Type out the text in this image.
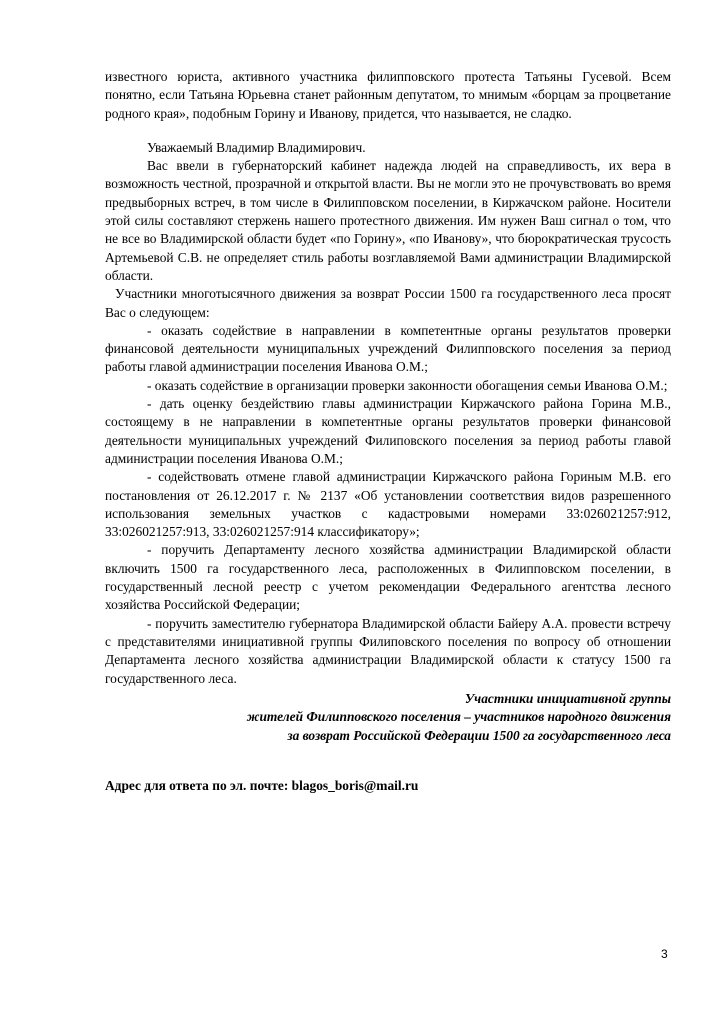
известного юриста, активного участника филипповского протеста Татьяны Гусевой. Всем понятно, если Татьяна Юрьевна станет районным депутатом, то мнимым «борцам за процветание родного края», подобным Горину и Иванову, придется, что называется, не сладко.

Уважаемый Владимир Владимирович.

Вас ввели в губернаторский кабинет надежда людей на справедливость, их вера в возможность честной, прозрачной и открытой власти. Вы не могли это не прочувствовать во время предвыборных встреч, в том числе в Филипповском поселении, в Киржачском районе. Носители этой силы составляют стержень нашего протестного движения. Им нужен Ваш сигнал о том, что не все во Владимирской области будет «по Горину», «по Иванову», что бюрократическая трусость Артемьевой С.В. не определяет стиль работы возглавляемой Вами администрации Владимирской области.

Участники многотысячного движения за возврат России 1500 га государственного леса просят Вас о следующем:

- оказать содействие в направлении в компетентные органы результатов проверки финансовой деятельности муниципальных учреждений Филипповского поселения за период работы главой администрации поселения Иванова О.М.;

- оказать содействие в организации проверки законности обогащения семьи Иванова О.М.;

- дать оценку бездействию главы администрации Киржачского района Горина М.В., состоящему в не направлении в компетентные органы результатов проверки финансовой деятельности муниципальных учреждений Филиповского поселения за период работы главой администрации поселения Иванова О.М.;

- содействовать отмене главой администрации Киржачского района Гориным М.В. его постановления от 26.12.2017 г. № 2137 «Об установлении соответствия видов разрешенного использования земельных участков с кадастровыми номерами 33:026021257:912, 33:026021257:913, 33:026021257:914 классификатору»;

- поручить Департаменту лесного хозяйства администрации Владимирской области включить 1500 га государственного леса, расположенных в Филипповском поселении, в государственный лесной реестр с учетом рекомендации Федерального агентства лесного хозяйства Российской Федерации;

- поручить заместителю губернатора Владимирской области Байеру А.А. провести встречу с представителями инициативной группы Филиповского поселения по вопросу об отношении Департамента лесного хозяйства администрации Владимирской области к статусу 1500 га государственного леса.

Участники инициативной группы
жителей Филипповского поселения – участников народного движения
за возврат Российской Федерации 1500 га государственного леса
Адрес для ответа по эл. почте: blagos_boris@mail.ru
3
